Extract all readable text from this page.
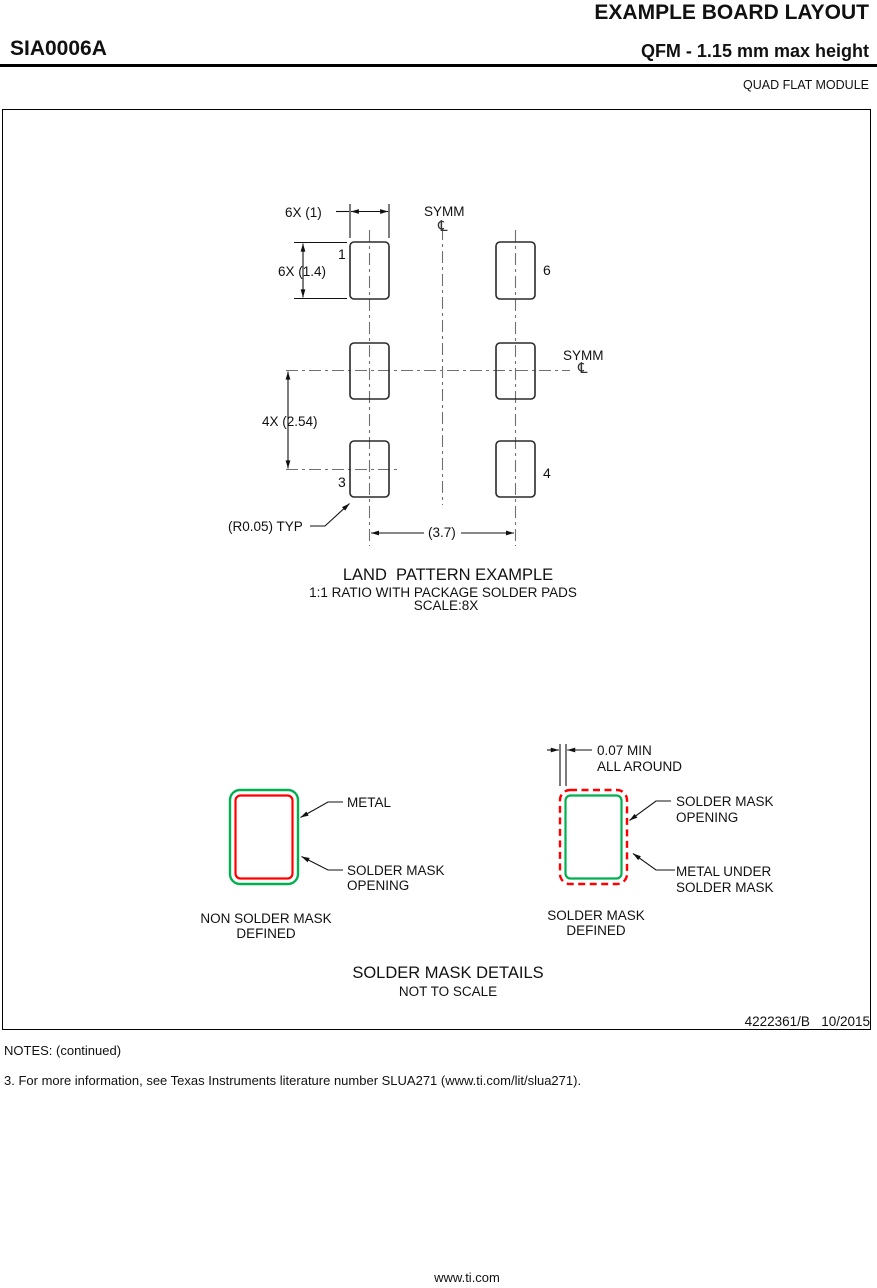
EXAMPLE BOARD LAYOUT
SIA0006A	QFM - 1.15 mm max height
QUAD FLAT MODULE
6X (1)	SYMM
℄
1
6
6X (1.4)
SYMM
℄
4X (2.54)
3
4
(R0.05) TYP	(3.7)
LAND  PATTERN EXAMPLE
1:1 RATIO WITH PACKAGE SOLDER PADS
SCALE:8X
METAL
SOLDER MASK
OPENING
NON SOLDER MASK
DEFINED
0.07 MIN
ALL AROUND
SOLDER MASK
OPENING
METAL UNDER
SOLDER MASK
SOLDER MASK
DEFINED
SOLDER MASK DETAILS
NOT TO SCALE
4222361/B   10/2015
NOTES: (continued)
3. For more information, see Texas Instruments literature number SLUA271 (www.ti.com/lit/slua271).
www.ti.com
